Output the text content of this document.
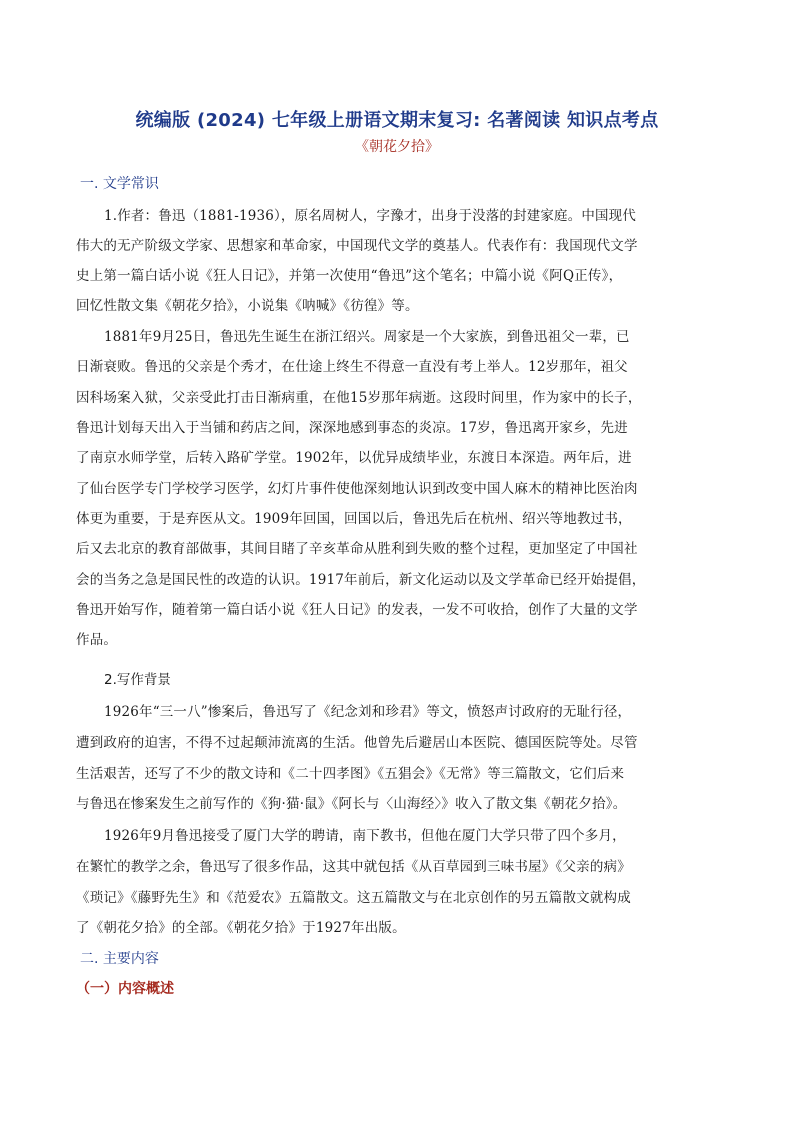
统编版 (2024) 七年级上册语文期末复习: 名著阅读 知识点考点
《朝花夕拾》
一. 文学常识
1.作者：鲁迅（1881-1936），原名周树人，字豫才，出身于没落的封建家庭。中国现代
伟大的无产阶级文学家、思想家和革命家，中国现代文学的奠基人。代表作有：我国现代文学
史上第一篇白话小说《狂人日记》，并第一次使用“鲁迅”这个笔名；中篇小说《阿Q正传》，
回忆性散文集《朝花夕拾》，小说集《呐喊》《彷徨》等。
1881年9月25日，鲁迅先生诞生在浙江绍兴。周家是一个大家族，到鲁迅祖父一辈，已
日渐衰败。鲁迅的父亲是个秀才，在仕途上终生不得意一直没有考上举人。12岁那年，祖父
因科场案入狱，父亲受此打击日渐病重，在他15岁那年病逝。这段时间里，作为家中的长子，
鲁迅计划每天出入于当铺和药店之间，深深地感到事态的炎凉。17岁，鲁迅离开家乡，先进
了南京水师学堂，后转入路矿学堂。1902年，以优异成绩毕业，东渡日本深造。两年后，进
了仙台医学专门学校学习医学，幻灯片事件使他深刻地认识到改变中国人麻木的精神比医治肉
体更为重要，于是弃医从文。1909年回国，回国以后，鲁迅先后在杭州、绍兴等地教过书，
后又去北京的教育部做事，其间目睹了辛亥革命从胜利到失败的整个过程，更加坚定了中国社
会的当务之急是国民性的改造的认识。1917年前后，新文化运动以及文学革命已经开始提倡，
鲁迅开始写作，随着第一篇白话小说《狂人日记》的发表，一发不可收拾，创作了大量的文学
作品。
2.写作背景
1926年“三一八”惨案后，鲁迅写了《纪念刘和珍君》等文，愤怒声讨政府的无耻行径，
遭到政府的迫害，不得不过起颠沛流离的生活。他曾先后避居山本医院、德国医院等处。尽管
生活艰苦，还写了不少的散文诗和《二十四孝图》《五猖会》《无常》等三篇散文，它们后来
与鲁迅在惨案发生之前写作的《狗·猫·鼠》《阿长与〈山海经〉》收入了散文集《朝花夕拾》。
1926年9月鲁迅接受了厦门大学的聘请，南下教书，但他在厦门大学只带了四个多月，
在繁忙的教学之余，鲁迅写了很多作品，这其中就包括《从百草园到三味书屋》《父亲的病》
《琐记》《藤野先生》和《范爱农》五篇散文。这五篇散文与在北京创作的另五篇散文就构成
了《朝花夕拾》的全部。《朝花夕拾》于1927年出版。
二. 主要内容
（一）内容概述
